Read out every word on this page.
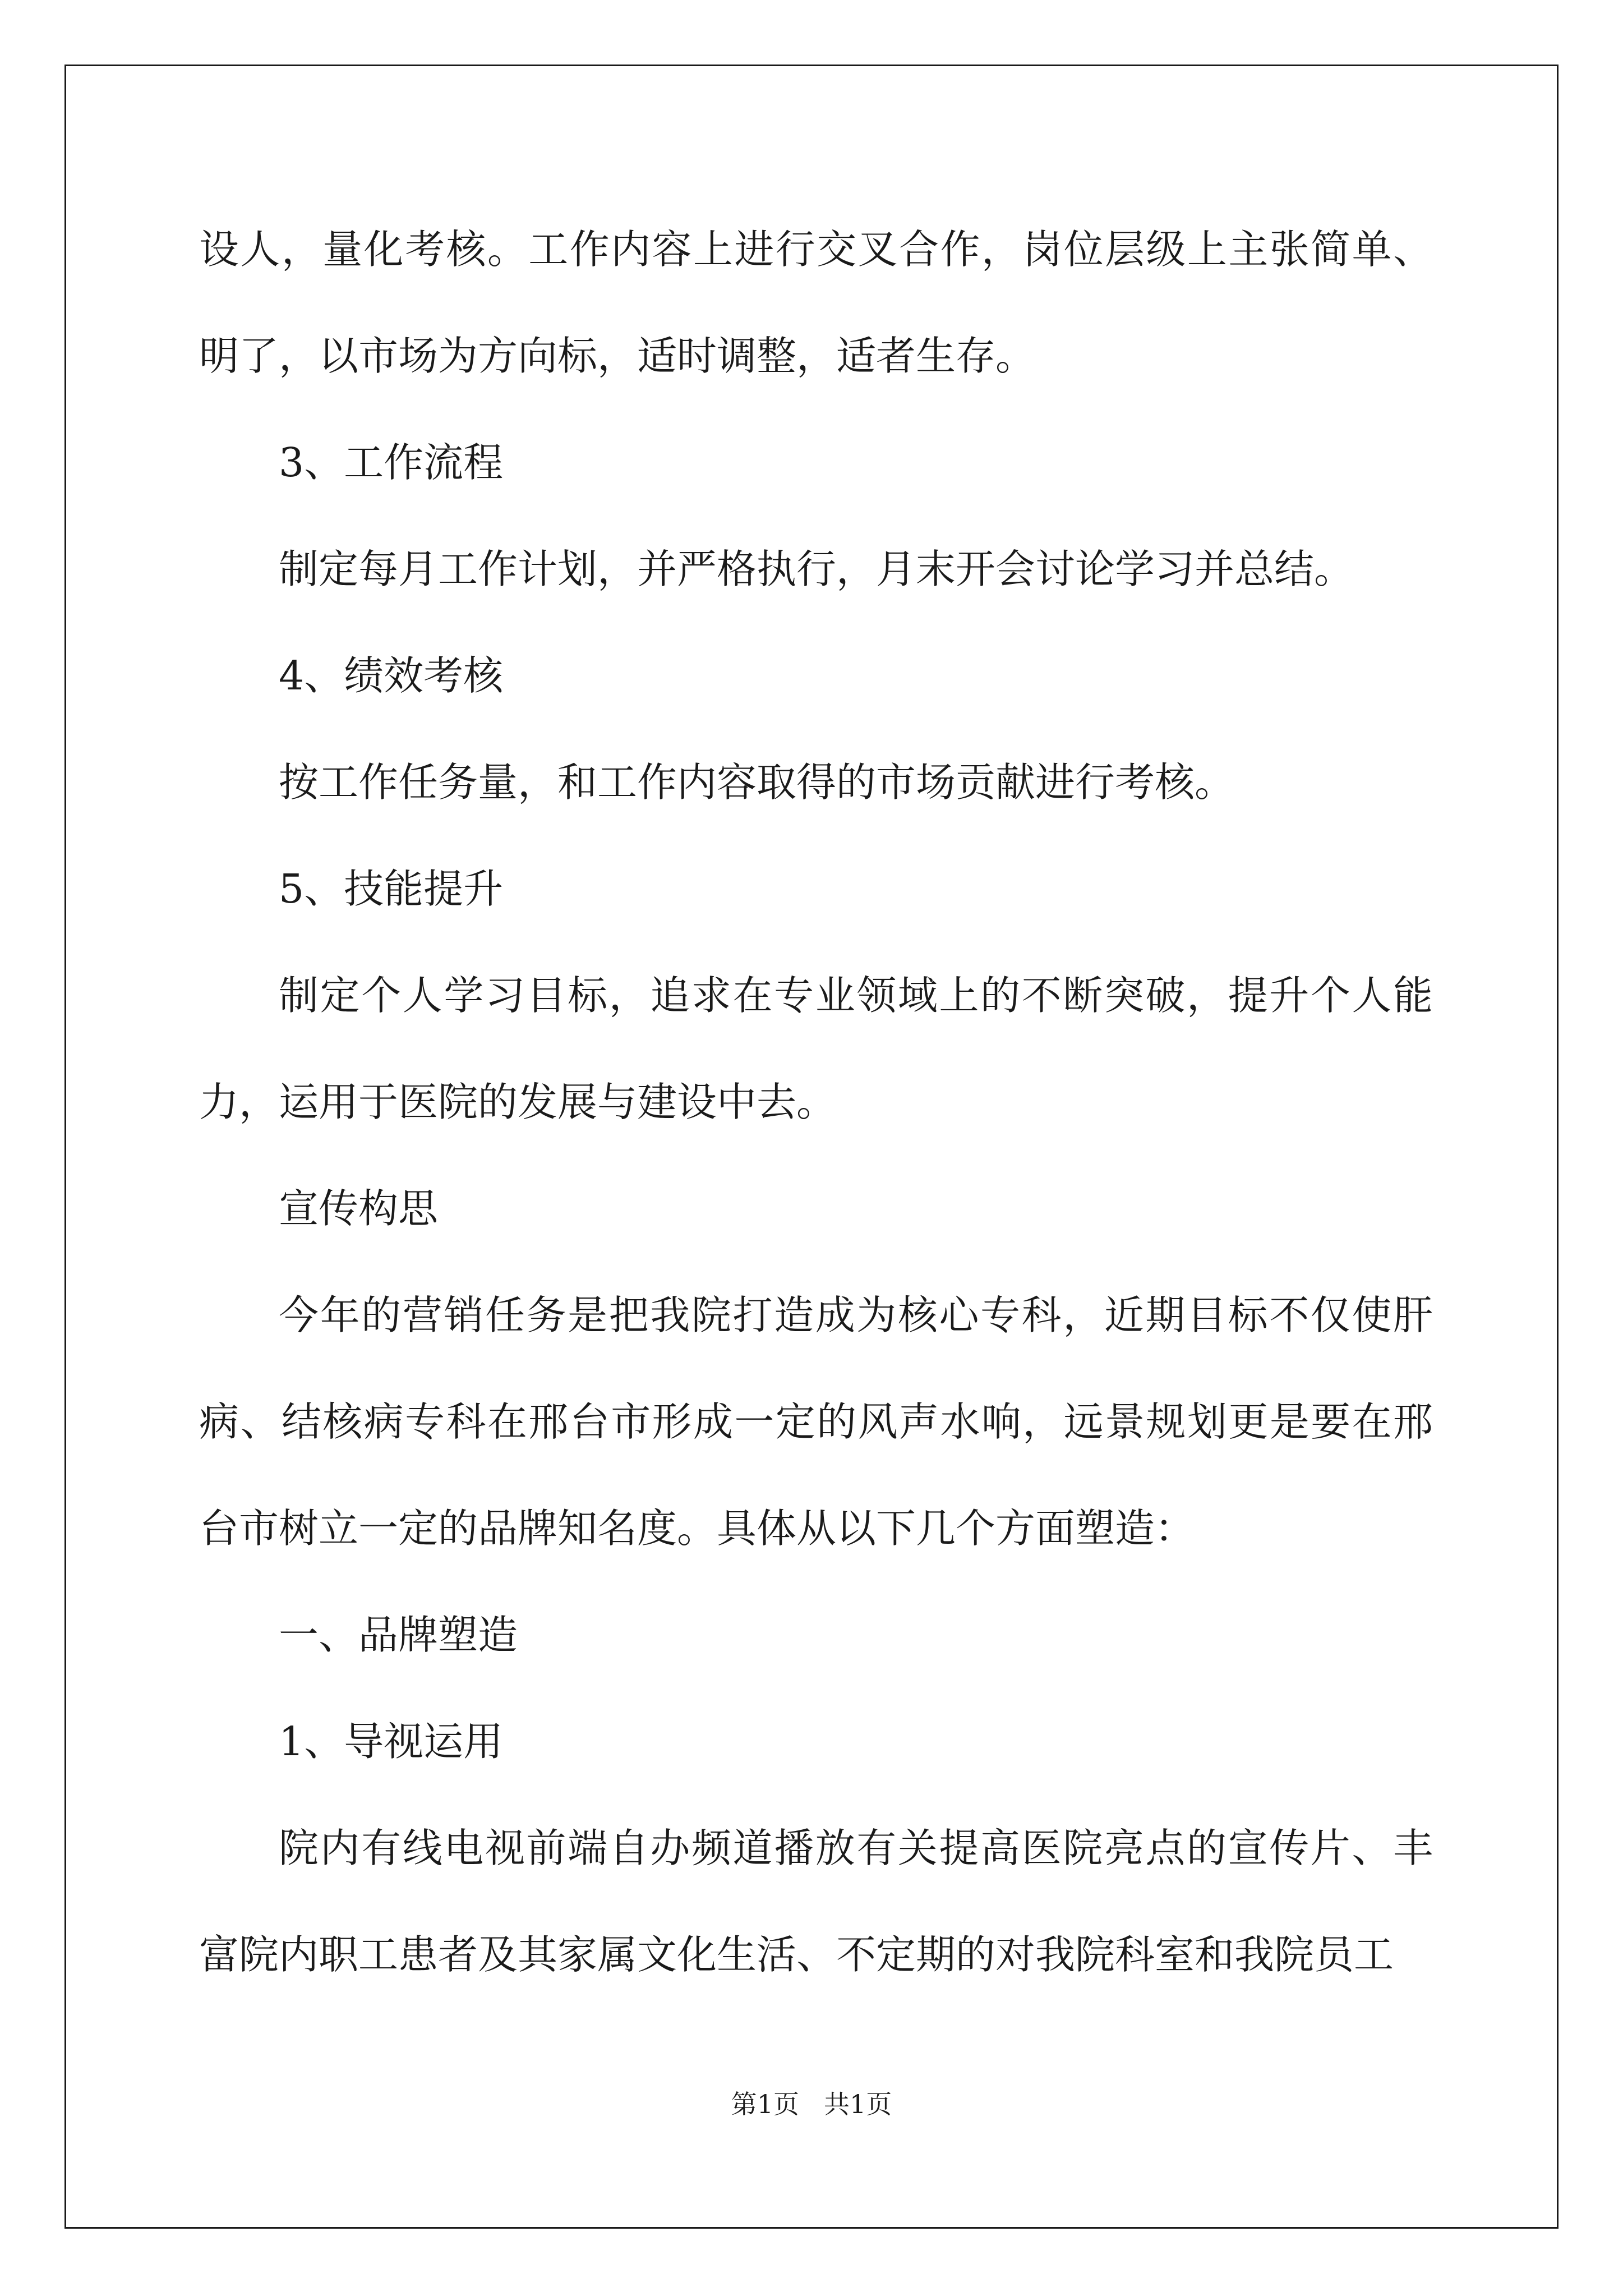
设人，量化考核。工作内容上进行交叉合作，岗位层级上主张简单、明了，以市场为方向标，适时调整，适者生存。

3、工作流程

制定每月工作计划，并严格执行，月末开会讨论学习并总结。

4、绩效考核

按工作任务量，和工作内容取得的市场贡献进行考核。

5、技能提升

制定个人学习目标，追求在专业领域上的不断突破，提升个人能力，运用于医院的发展与建设中去。

宣传构思

今年的营销任务是把我院打造成为核心专科，近期目标不仅使肝病、结核病专科在邢台市形成一定的风声水响，远景规划更是要在邢台市树立一定的品牌知名度。具体从以下几个方面塑造：

一、品牌塑造

1、导视运用

院内有线电视前端自办频道播放有关提高医院亮点的宣传片、丰富院内职工患者及其家属文化生活、不定期的对我院科室和我院员工

第1页 共1页
